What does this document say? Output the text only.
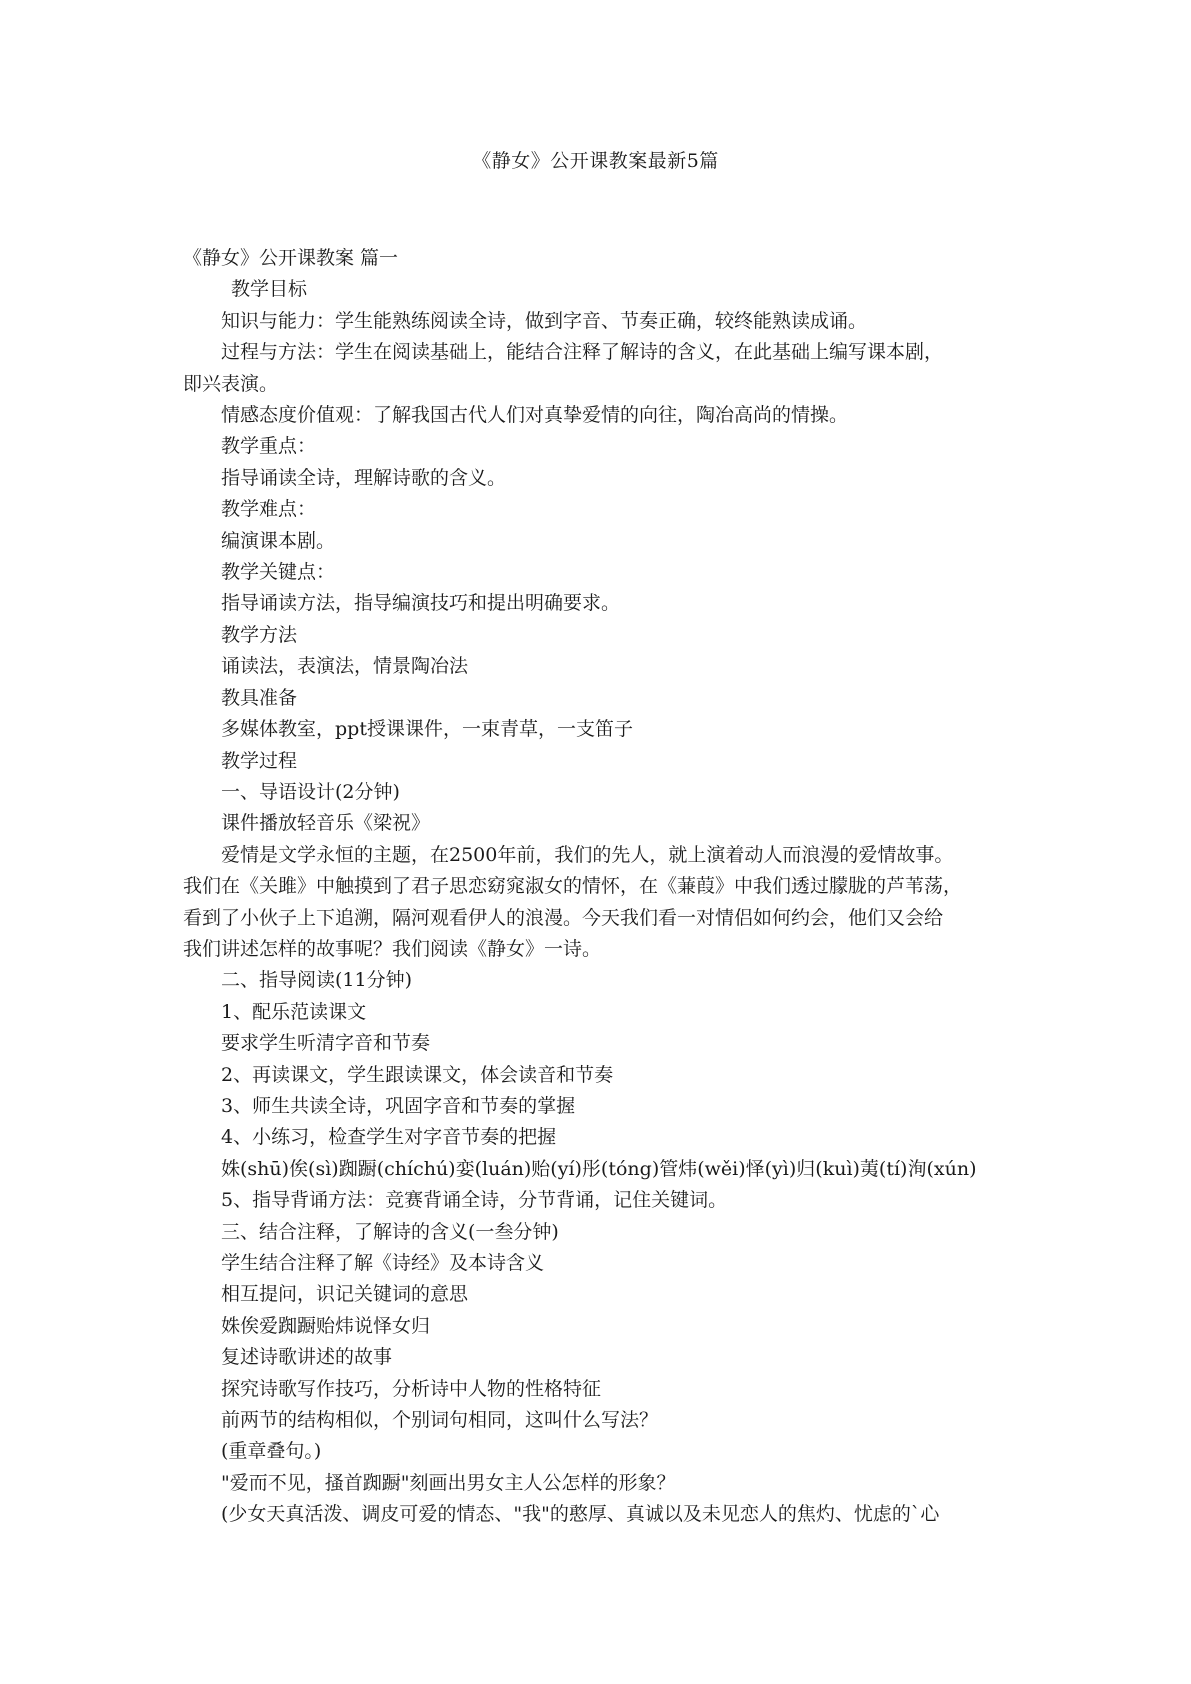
《静女》公开课教案最新5篇
《静女》公开课教案 篇一
教学目标
知识与能力：学生能熟练阅读全诗，做到字音、节奏正确，较终能熟读成诵。
过程与方法：学生在阅读基础上，能结合注释了解诗的含义，在此基础上编写课本剧，
即兴表演。
情感态度价值观：了解我国古代人们对真挚爱情的向往，陶冶高尚的情操。
教学重点：
指导诵读全诗，理解诗歌的含义。
教学难点：
编演课本剧。
教学关键点：
指导诵读方法，指导编演技巧和提出明确要求。
教学方法
诵读法，表演法，情景陶冶法
教具准备
多媒体教室，ppt授课课件，一束青草，一支笛子
教学过程
一、导语设计(2分钟)
课件播放轻音乐《梁祝》
爱情是文学永恒的主题，在2500年前，我们的先人，就上演着动人而浪漫的爱情故事。
我们在《关雎》中触摸到了君子思恋窈窕淑女的情怀，在《蒹葭》中我们透过朦胧的芦苇荡，
看到了小伙子上下追溯，隔河观看伊人的浪漫。今天我们看一对情侣如何约会，他们又会给
我们讲述怎样的故事呢？我们阅读《静女》一诗。
二、指导阅读(11分钟)
1、配乐范读课文
要求学生听清字音和节奏
2、再读课文，学生跟读课文，体会读音和节奏
3、师生共读全诗，巩固字音和节奏的掌握
4、小练习，检查学生对字音节奏的把握
姝(shū)俟(sì)踟蹰(chíchú)娈(luán)贻(yí)彤(tóng)管炜(wěi)怿(yì)归(kuì)荑(tí)洵(xún)
5、指导背诵方法：竞赛背诵全诗，分节背诵，记住关键词。
三、结合注释，了解诗的含义(一叁分钟)
学生结合注释了解《诗经》及本诗含义
相互提问，识记关键词的意思
姝俟爱踟蹰贻炜说怿女归
复述诗歌讲述的故事
探究诗歌写作技巧，分析诗中人物的性格特征
前两节的结构相似，个别词句相同，这叫什么写法？
(重章叠句。)
"爱而不见，搔首踟蹰"刻画出男女主人公怎样的形象？
(少女天真活泼、调皮可爱的情态、"我"的憨厚、真诚以及未见恋人的焦灼、忧虑的`心
